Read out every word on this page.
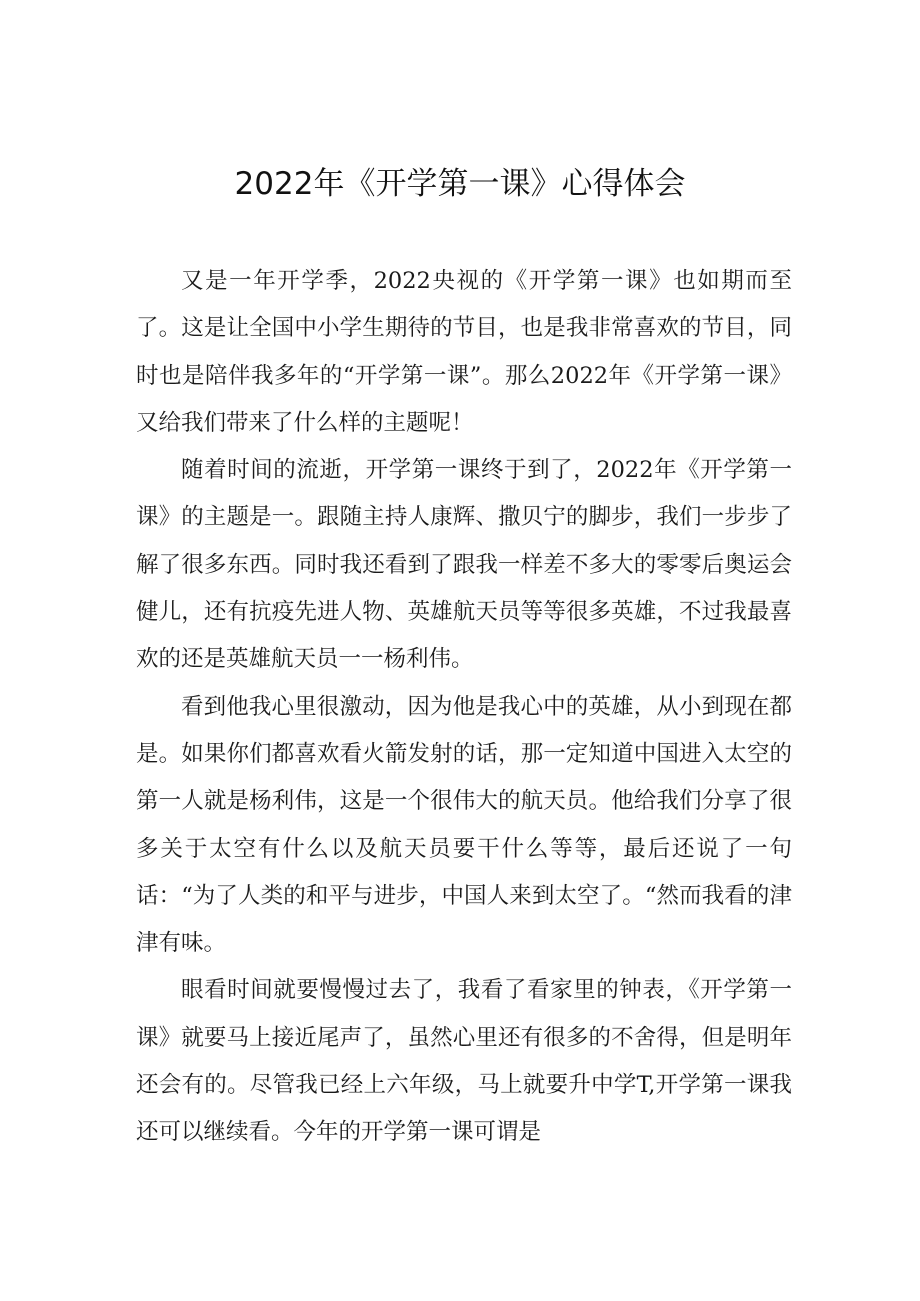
2022年《开学第一课》心得体会

又是一年开学季，2022央视的《开学第一课》也如期而至了。这是让全国中小学生期待的节目，也是我非常喜欢的节目，同时也是陪伴我多年的“开学第一课”。那么2022年《开学第一课》又给我们带来了什么样的主题呢！

随着时间的流逝，开学第一课终于到了，2022年《开学第一课》的主题是一。跟随主持人康辉、撒贝宁的脚步，我们一步步了解了很多东西。同时我还看到了跟我一样差不多大的零零后奥运会健儿，还有抗疫先进人物、英雄航天员等等很多英雄，不过我最喜欢的还是英雄航天员一一杨利伟。

看到他我心里很激动，因为他是我心中的英雄，从小到现在都是。如果你们都喜欢看火箭发射的话，那一定知道中国进入太空的第一人就是杨利伟，这是一个很伟大的航天员。他给我们分享了很多关于太空有什么以及航天员要干什么等等，最后还说了一句话：“为了人类的和平与进步，中国人来到太空了。“然而我看的津津有味。

眼看时间就要慢慢过去了，我看了看家里的钟表，《开学第一课》就要马上接近尾声了，虽然心里还有很多的不舍得，但是明年还会有的。尽管我已经上六年级，马上就要升中学T,开学第一课我还可以继续看。今年的开学第一课可谓是
